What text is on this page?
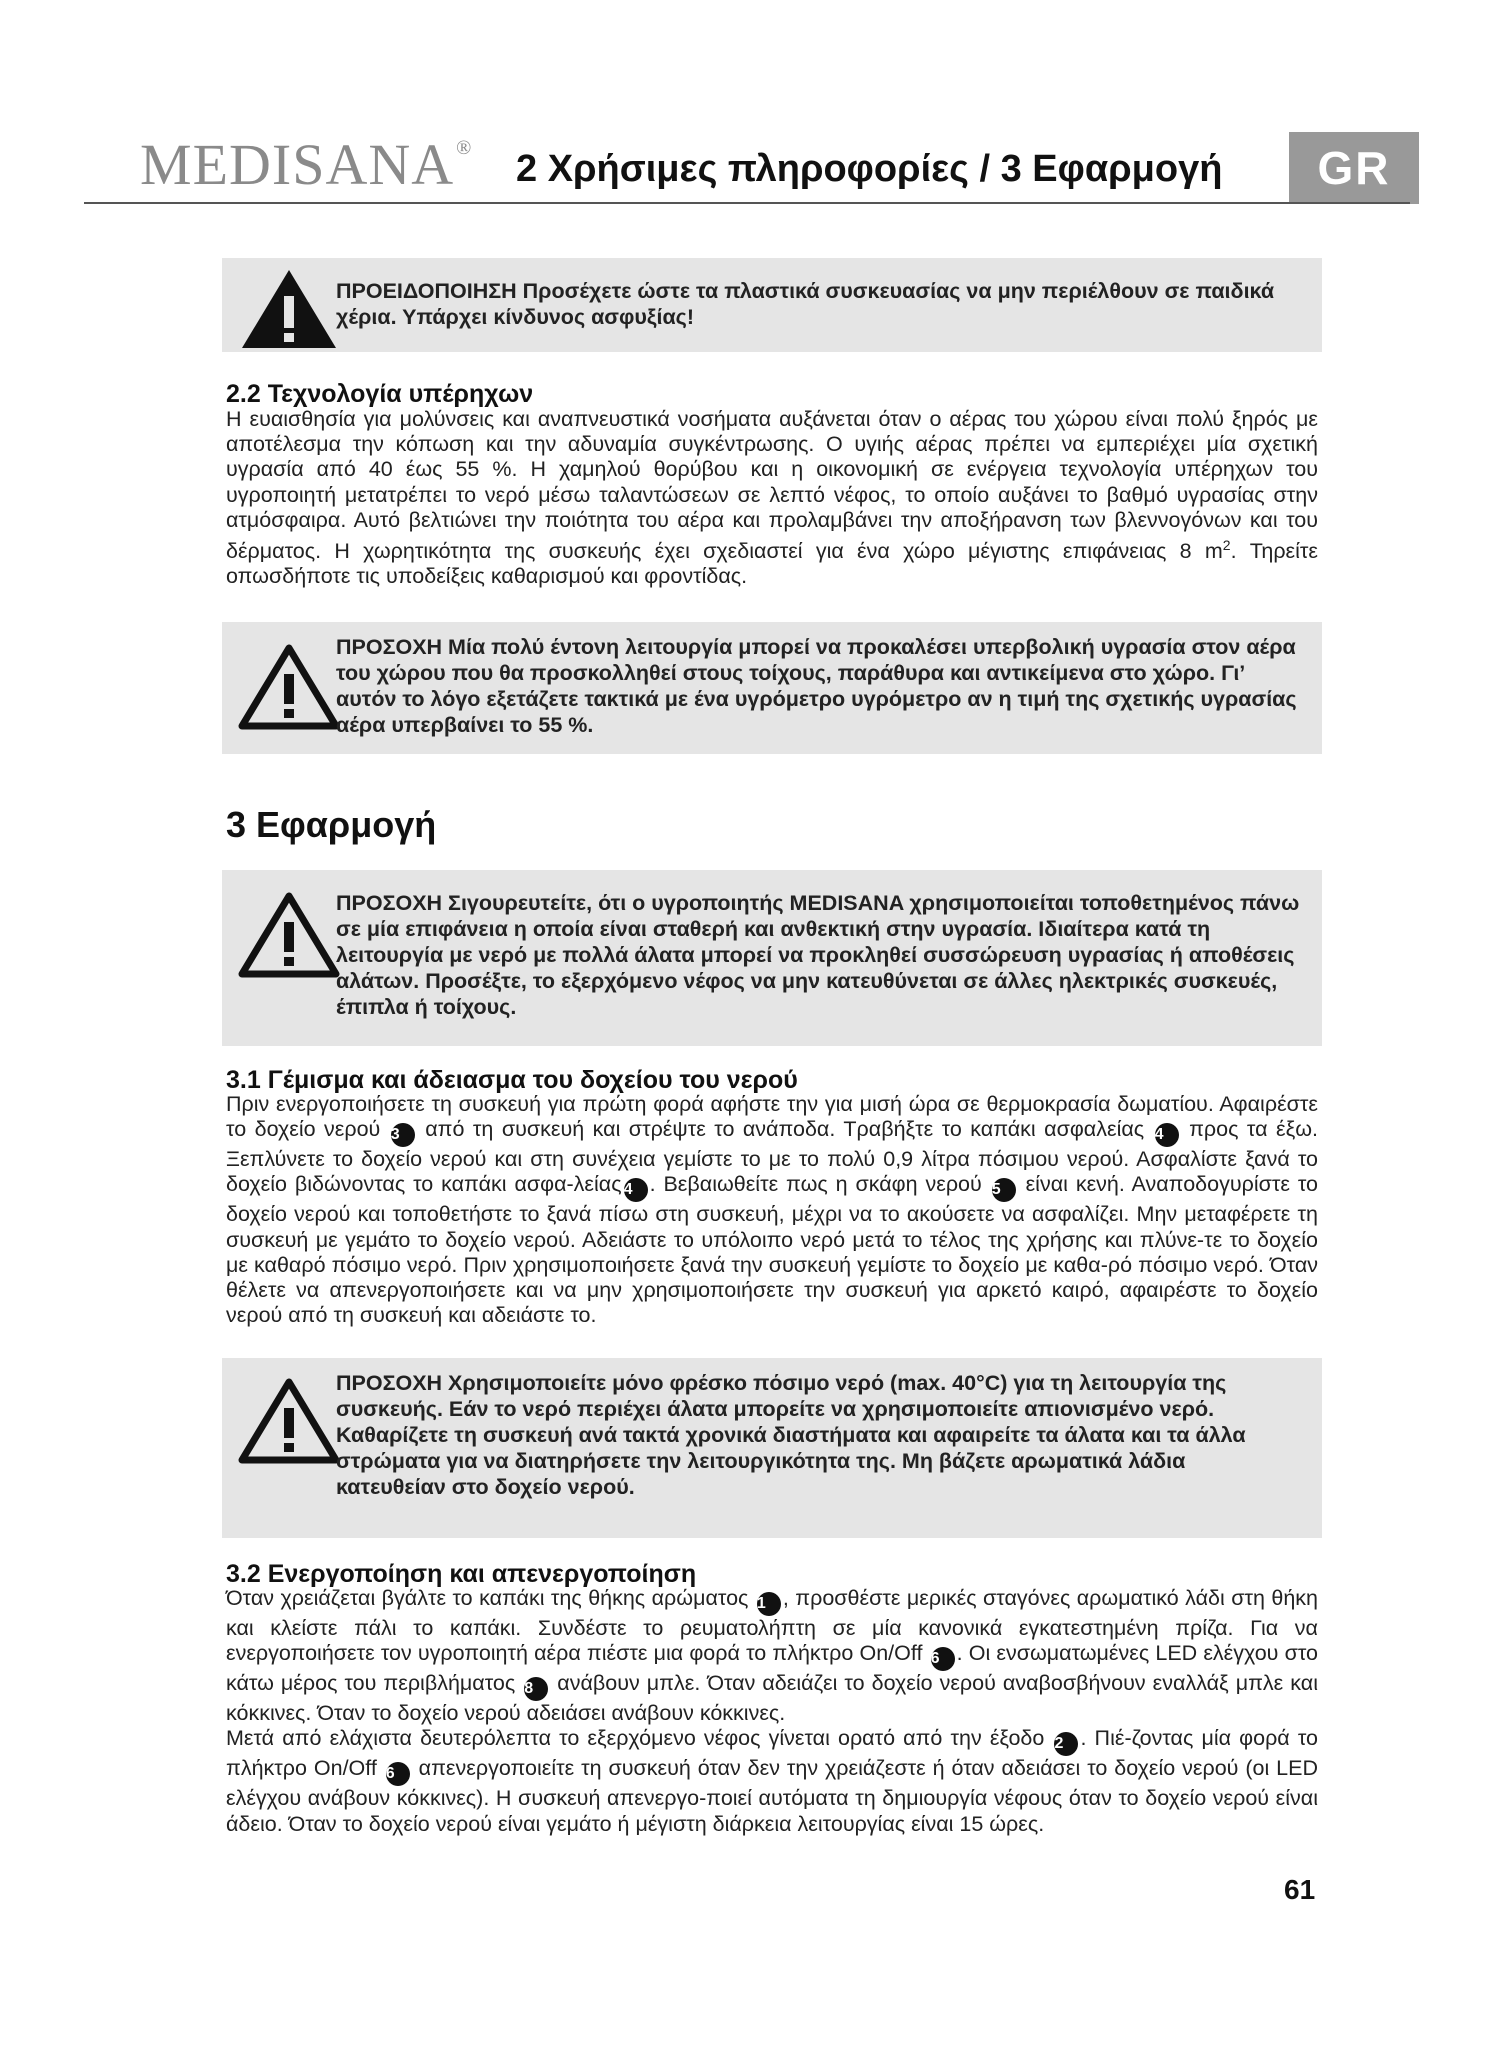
MEDISANA ® 2 Χρήσιμες πληροφορίες / 3 Εφαρμογή	GR
ΠΡΟΕΙΔΟΠΟΙΗΣΗ Προσέχετε ώστε τα πλαστικά συσκευασίας να μην περιέλθουν σε παιδικά χέρια. Υπάρχει κίνδυνος ασφυξίας!
2.2 Τεχνολογία υπέρηχων
Η ευαισθησία για μολύνσεις και αναπνευστικά νοσήματα αυξάνεται όταν ο αέρας του χώρου είναι πολύ ξηρός με αποτέλεσμα την κόπωση και την αδυναμία συγκέντρωσης. Ο υγιής αέρας πρέπει να εμπεριέχει μία σχετική υγρασία από 40 έως 55 %. Η χαμηλού θορύβου και η οικονομική σε ενέργεια τεχνολογία υπέρηχων του υγροποιητή μετατρέπει το νερό μέσω ταλαντώσεων σε λεπτό νέφος, το οποίο αυξάνει το βαθμό υγρασίας στην ατμόσφαιρα. Αυτό βελτιώνει την ποιότητα του αέρα και προλαμβάνει την αποξήρανση των βλεννογόνων και του δέρματος. Η χωρητικότητα της συσκευής έχει σχεδιαστεί για ένα χώρο μέγιστης επιφάνειας 8 $m^2$. Τηρείτε οπωσδήποτε τις υποδείξεις καθαρισμού και φροντίδας.
ΠΡΟΣΟΧΗ Μία πολύ έντονη λειτουργία μπορεί να προκαλέσει υπερβολική υγρασία στον αέρα του χώρου που θα προσκολληθεί στους τοίχους, παράθυρα και αντικείμενα στο χώρο. Γι’ αυτόν το λόγο εξετάζετε τακτικά με ένα υγρόμετρο υγρόμετρο αν η τιμή της σχετικής υγρασίας αέρα υπερβαίνει το 55 %.
3 Εφαρμογή
ΠΡΟΣΟΧΗ Σιγουρευτείτε, ότι ο υγροποιητής MEDISANA χρησιμοποιείται τοποθετημένος πάνω σε μία επιφάνεια η οποία είναι σταθερή και ανθεκτική στην υγρασία. Ιδιαίτερα κατά τη λειτουργία με νερό με πολλά άλατα μπορεί να προκληθεί συσσώρευση υγρασίας ή αποθέσεις αλάτων. Προσέξτε, το εξερχόμενο νέφος να μην κατευθύνεται σε άλλες ηλεκτρικές συσκευές, έπιπλα ή τοίχους.
3.1 Γέμισμα και άδειασμα του δοχείου του νερού
Πριν ενεργοποιήσετε τη συσκευή για πρώτη φορά αφήστε την για μισή ώρα σε θερμοκρασία δωματίου. Αφαιρέστε το δοχείο νερού 3 από τη συσκευή και στρέψτε το ανάποδα. Τραβήξτε το καπάκι ασφαλείας 4 προς τα έξω. Ξεπλύνετε το δοχείο νερού και στη συνέχεια γεμίστε το με το πολύ 0,9 λίτρα πόσιμου νερού. Ασφαλίστε ξανά το δοχείο βιδώνοντας το καπάκι ασφα-λείας 4 . Βεβαιωθείτε πως η σκάφη νερού 5 είναι κενή. Αναποδογυρίστε το δοχείο νερού και τοποθετήστε το ξανά πίσω στη συσκευή, μέχρι να το ακούσετε να ασφαλίζει. Μην μεταφέρετε τη συσκευή με γεμάτο το δοχείο νερού. Αδειάστε το υπόλοιπο νερό μετά το τέλος της χρήσης και πλύνε-τε το δοχείο με καθαρό πόσιμο νερό. Πριν χρησιμοποιήσετε ξανά την συσκευή γεμίστε το δοχείο με καθα-ρό πόσιμο νερό. Όταν θέλετε να απενεργοποιήσετε και να μην χρησιμοποιήσετε την συσκευή για αρκετό καιρό, αφαιρέστε το δοχείο νερού από τη συσκευή και αδειάστε το.
ΠΡΟΣΟΧΗ Χρησιμοποιείτε μόνο φρέσκο πόσιμο νερό (max. 40°C) για τη λειτουργία της συσκευής. Εάν το νερό περιέχει άλατα μπορείτε να χρησιμοποιείτε απιονισμένο νερό. Καθαρίζετε τη συσκευή ανά τακτά χρονικά διαστήματα και αφαιρείτε τα άλατα και τα άλλα στρώματα για να διατηρήσετε την λειτουργικότητα της. Μη βάζετε αρωματικά λάδια κατευθείαν στο δοχείο νερού.
3.2 Ενεργοποίηση και απενεργοποίηση
Όταν χρειάζεται βγάλτε το καπάκι της θήκης αρώματος 1 , προσθέστε μερικές σταγόνες αρωματικό λάδι στη θήκη και κλείστε πάλι το καπάκι. Συνδέστε το ρευματολήπτη σε μία κανονικά εγκατεστημένη πρίζα. Για να ενεργοποιήσετε τον υγροποιητή αέρα πιέστε μια φορά το πλήκτρο On/Off 6 . Οι ενσωματωμένες LED ελέγχου στο κάτω μέρος του περιβλήματος 8 ανάβουν μπλε. Όταν αδειάζει το δοχείο νερού αναβοσβήνουν εναλλάξ μπλε και κόκκινες. Όταν το δοχείο νερού αδειάσει ανάβουν κόκκινες.
Μετά από ελάχιστα δευτερόλεπτα το εξερχόμενο νέφος γίνεται ορατό από την έξοδο 2 . Πιέ-ζοντας μία φορά το πλήκτρο On/Off 6 απενεργοποιείτε τη συσκευή όταν δεν την χρειάζεστε ή όταν αδειάσει το δοχείο νερού (οι LED ελέγχου ανάβουν κόκκινες). Η συσκευή απενεργο-ποιεί αυτόματα τη δημιουργία νέφους όταν το δοχείο νερού είναι άδειο. Όταν το δοχείο νερού είναι γεμάτο ή μέγιστη διάρκεια λειτουργίας είναι 15 ώρες.
61
